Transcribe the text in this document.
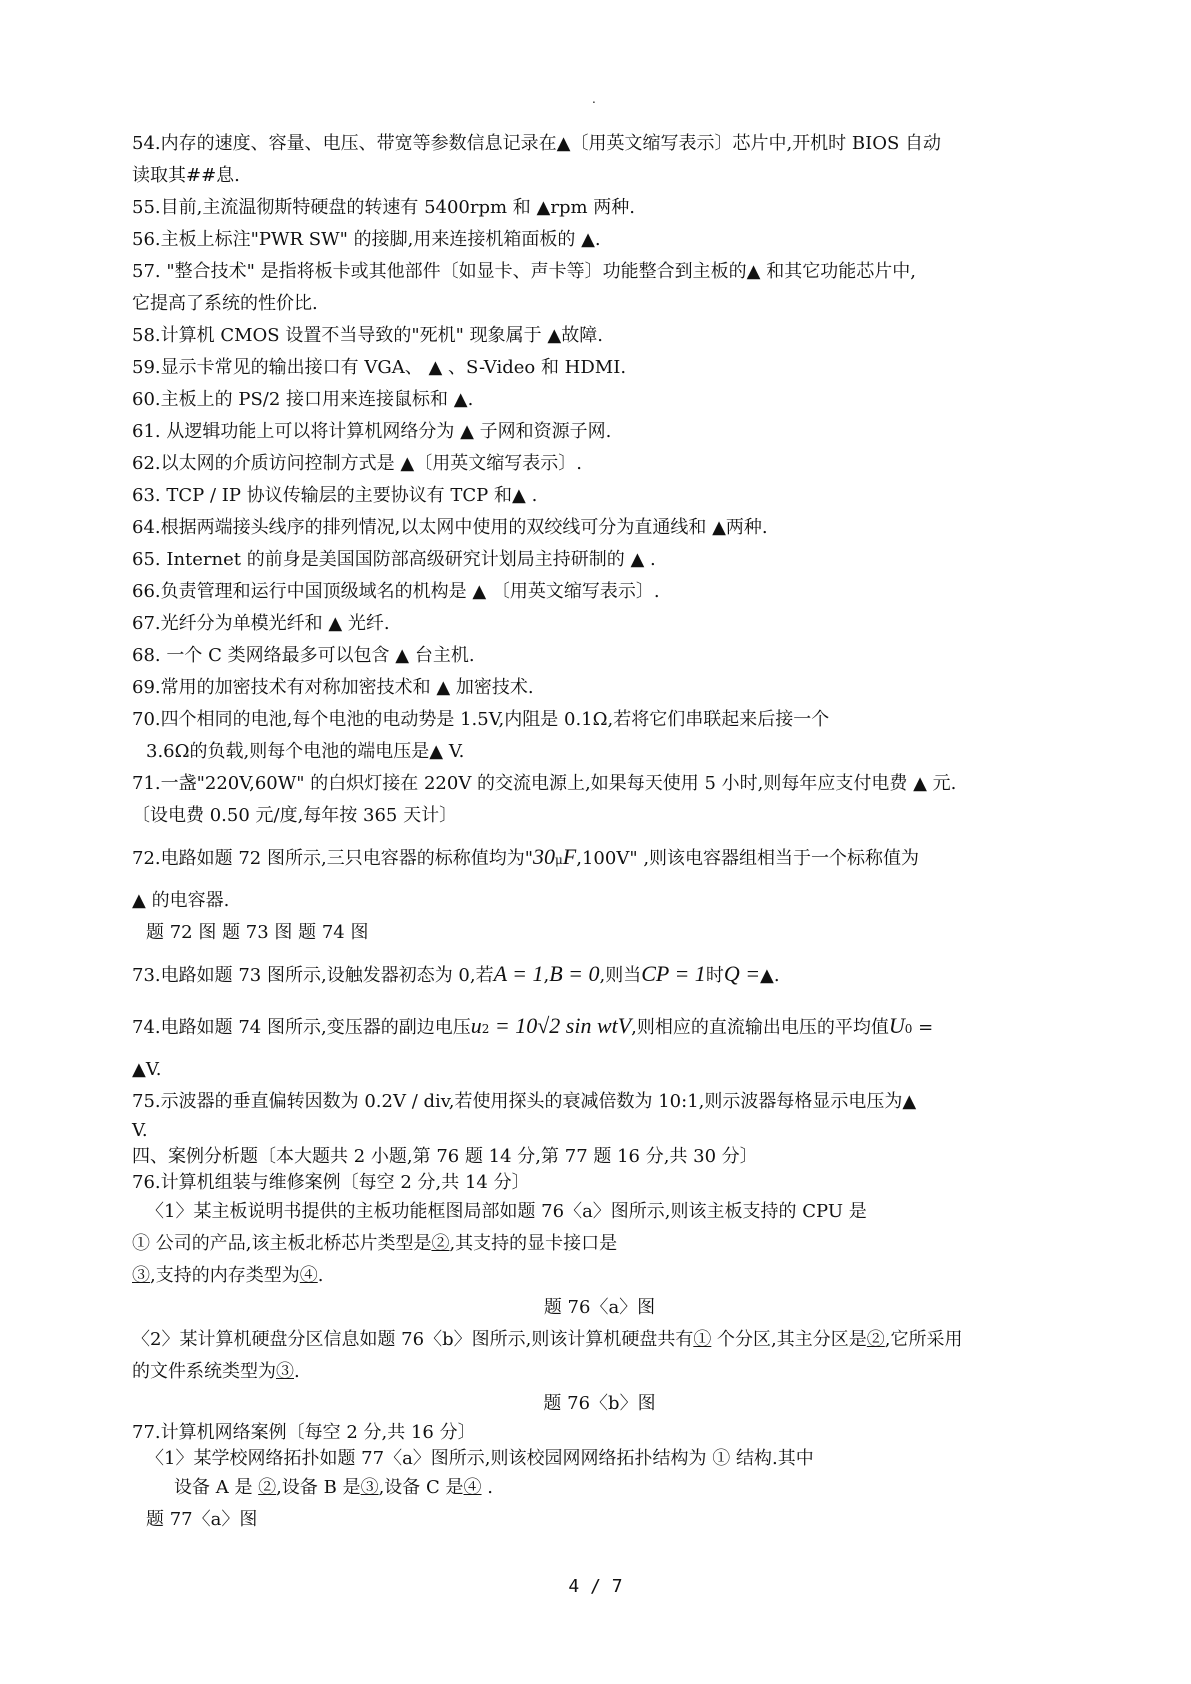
.
54.内存的速度、容量、电压、带宽等参数信息记录在▲〔用英文缩写表示〕芯片中,开机时 BIOS 自动
读取其##息.
55.目前,主流温彻斯特硬盘的转速有 5400rpm 和 ▲rpm 两种.
56.主板上标注"PWR SW" 的接脚,用来连接机箱面板的 ▲.
57. "整合技术" 是指将板卡或其他部件〔如显卡、声卡等〕功能整合到主板的▲ 和其它功能芯片中,
它提高了系统的性价比.
58.计算机 CMOS 设置不当导致的"死机" 现象属于 ▲故障.
59.显示卡常见的输出接口有 VGA、 ▲ 、S-Video 和 HDMI.
60.主板上的 PS/2 接口用来连接鼠标和 ▲.
61. 从逻辑功能上可以将计算机网络分为 ▲ 子网和资源子网.
62.以太网的介质访问控制方式是 ▲〔用英文缩写表示〕.
63. TCP / IP 协议传输层的主要协议有 TCP 和▲ .
64.根据两端接头线序的排列情况,以太网中使用的双绞线可分为直通线和 ▲两种.
65. Internet 的前身是美国国防部高级研究计划局主持研制的 ▲ .
66.负责管理和运行中国顶级域名的机构是 ▲ 〔用英文缩写表示〕.
67.光纤分为单模光纤和 ▲ 光纤.
68. 一个 C 类网络最多可以包含 ▲ 台主机.
69.常用的加密技术有对称加密技术和 ▲ 加密技术.
70.四个相同的电池,每个电池的电动势是 1.5V,内阻是 0.1Ω,若将它们串联起来后接一个
3.6Ω的负载,则每个电池的端电压是▲ V.
71.一盏"220V,60W" 的白炽灯接在 220V 的交流电源上,如果每天使用 5 小时,则每年应支付电费 ▲ 元.
〔设电费 0.50 元/度,每年按 365 天计〕
72.电路如题 72 图所示,三只电容器的标称值均为"30μF,100V" ,则该电容器组相当于一个标称值为
▲ 的电容器.
题 72 图 题 73 图 题 74 图
73.电路如题 73 图所示,设触发器初态为 0,若A = 1,B = 0,则当CP = 1时Q =▲.
74.电路如题 74 图所示,变压器的副边电压u2 = 10√2 sin wtV,则相应的直流输出电压的平均值U0 =
▲V.
75.示波器的垂直偏转因数为 0.2V / div,若使用探头的衰减倍数为 10:1,则示波器每格显示电压为▲
V.
四、案例分析题〔本大题共 2 小题,第 76 题 14 分,第 77 题 16 分,共 30 分〕
76.计算机组装与维修案例〔每空 2 分,共 14 分〕
〈1〉某主板说明书提供的主板功能框图局部如题 76〈a〉图所示,则该主板支持的 CPU 是
① 公司的产品,该主板北桥芯片类型是②,其支持的显卡接口是
③,支持的内存类型为④.
题 76〈a〉图
〈2〉某计算机硬盘分区信息如题 76〈b〉图所示,则该计算机硬盘共有① 个分区,其主分区是②,它所采用
的文件系统类型为③.
题 76〈b〉图
77.计算机网络案例〔每空 2 分,共 16 分〕
〈1〉某学校网络拓扑如题 77〈a〉图所示,则该校园网网络拓扑结构为 ① 结构.其中
设备 A 是 ②,设备 B 是③,设备 C 是④ .
题 77〈a〉图
4 / 7
